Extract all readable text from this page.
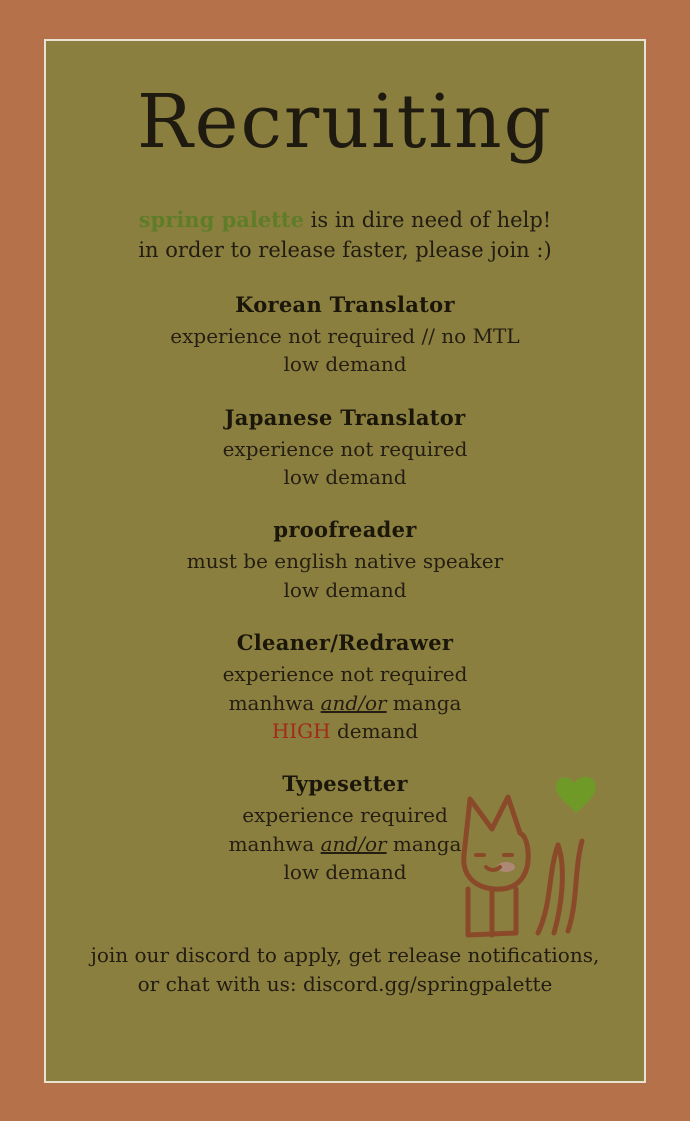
Recruiting
spring palette is in dire need of help!
in order to release faster, please join :)
Korean Translator
experience not required // no MTL
low demand
Japanese Translator
experience not required
low demand
proofreader
must be english native speaker
low demand
Cleaner/Redrawer
experience not required
manhwa and/or manga
HIGH demand
Typesetter
experience required
manhwa and/or manga
low demand
join our discord to apply, get release notifications,
or chat with us: discord.gg/springpalette
